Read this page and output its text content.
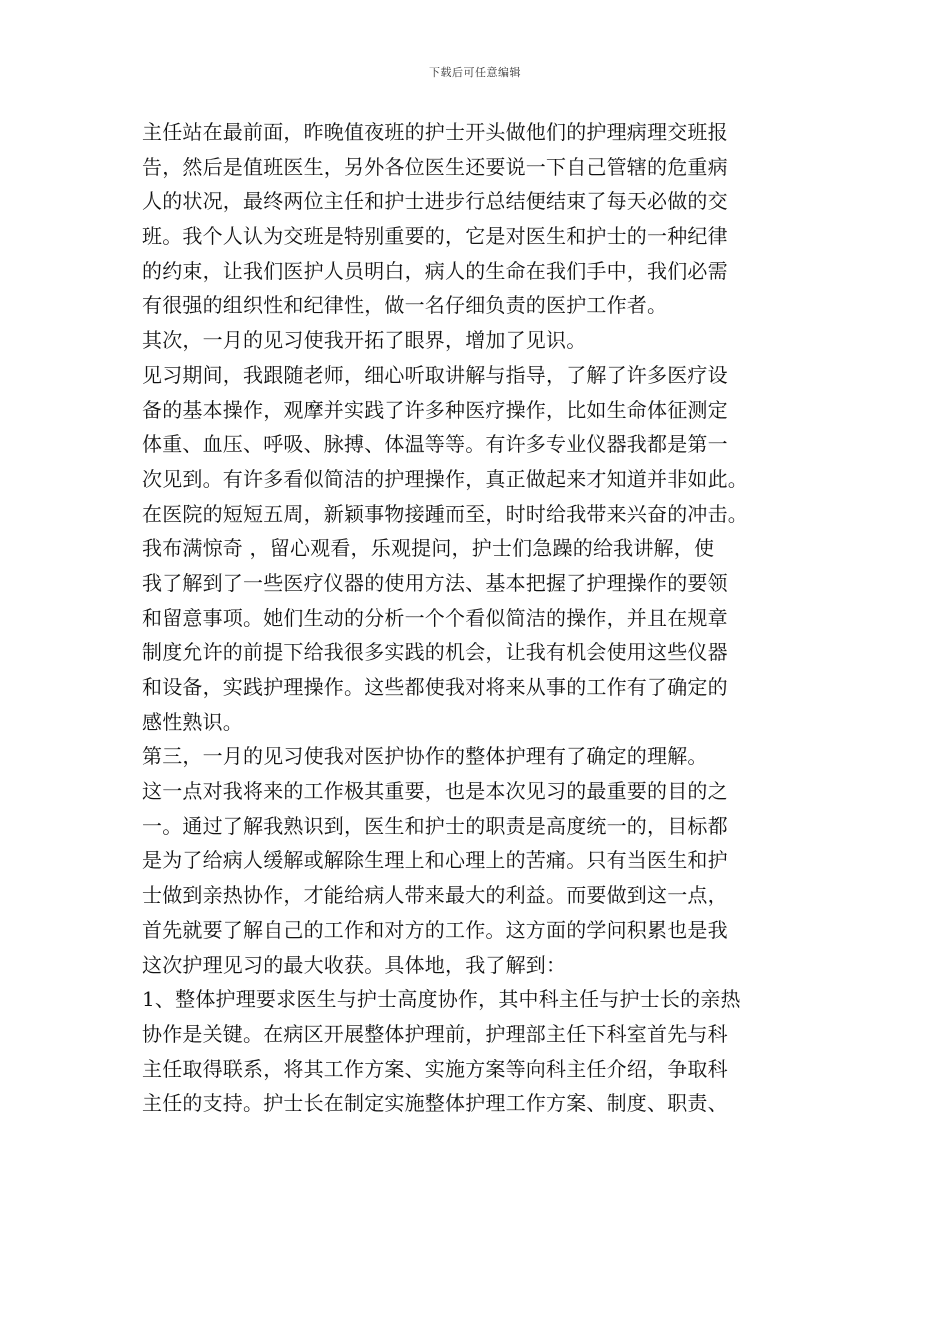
下载后可任意编辑
主任站在最前面，昨晚值夜班的护士开头做他们的护理病理交班报
告，然后是值班医生，另外各位医生还要说一下自己管辖的危重病
人的状况，最终两位主任和护士进步行总结便结束了每天必做的交
班。我个人认为交班是特别重要的，它是对医生和护士的一种纪律
的约束，让我们医护人员明白，病人的生命在我们手中，我们必需
有很强的组织性和纪律性，做一名仔细负责的医护工作者。
其次，一月的见习使我开拓了眼界，增加了见识。
见习期间，我跟随老师，细心听取讲解与指导，了解了许多医疗设
备的基本操作，观摩并实践了许多种医疗操作，比如生命体征测定
体重、血压、呼吸、脉搏、体温等等。有许多专业仪器我都是第一
次见到。有许多看似简洁的护理操作，真正做起来才知道并非如此。
在医院的短短五周，新颖事物接踵而至，时时给我带来兴奋的冲击。
我布满惊奇 ，留心观看，乐观提问，护士们急躁的给我讲解，使
我了解到了一些医疗仪器的使用方法、基本把握了护理操作的要领
和留意事项。她们生动的分析一个个看似简洁的操作，并且在规章
制度允许的前提下给我很多实践的机会，让我有机会使用这些仪器
和设备，实践护理操作。这些都使我对将来从事的工作有了确定的
感性熟识。
第三，一月的见习使我对医护协作的整体护理有了确定的理解。
这一点对我将来的工作极其重要，也是本次见习的最重要的目的之
一。通过了解我熟识到，医生和护士的职责是高度统一的，目标都
是为了给病人缓解或解除生理上和心理上的苦痛。只有当医生和护
士做到亲热协作，才能给病人带来最大的利益。而要做到这一点，
首先就要了解自己的工作和对方的工作。这方面的学问积累也是我
这次护理见习的最大收获。具体地，我了解到：
1、整体护理要求医生与护士高度协作，其中科主任与护士长的亲热
协作是关键。在病区开展整体护理前，护理部主任下科室首先与科
主任取得联系，将其工作方案、实施方案等向科主任介绍，争取科
主任的支持。护士长在制定实施整体护理工作方案、制度、职责、
